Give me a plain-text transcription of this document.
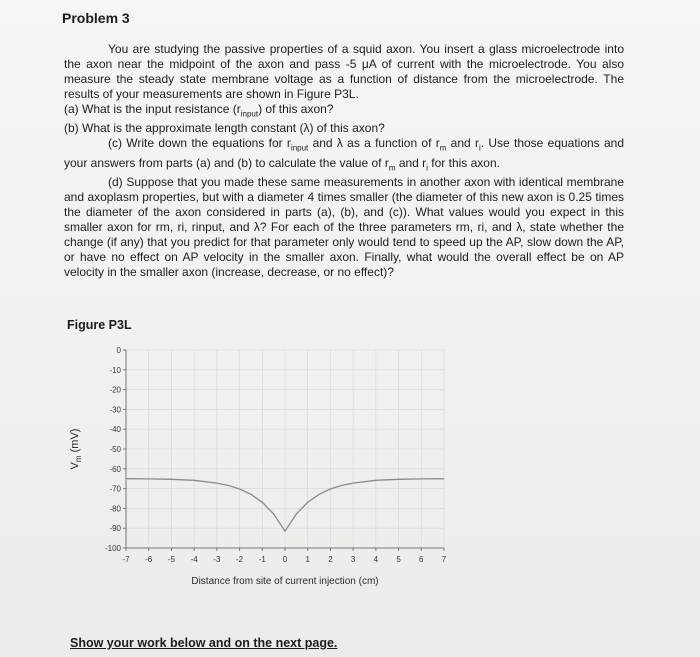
Problem 3

You are studying the passive properties of a squid axon. You insert a glass microelectrode into the axon near the midpoint of the axon and pass -5 μA of current with the microelectrode. You also measure the steady state membrane voltage as a function of distance from the microelectrode. The results of your measurements are shown in Figure P3L.

(a) What is the input resistance $(r_{input})$ of this axon?

(b) What is the approximate length constant (λ) of this axon?

(c) Write down the equations for $r_{input}$ and λ as a function of $r_m$ and $r_i$. Use those equations and your answers from parts (a) and (b) to calculate the value of $r_m$ and $r_i$ for this axon.

(d) Suppose that you made these same measurements in another axon with identical membrane and axoplasm properties, but with a diameter 4 times smaller (the diameter of this new axon is 0.25 times the diameter of the axon considered in parts (a), (b), and (c)). What values would you expect in this smaller axon for rm, ri, rinput, and λ? For each of the three parameters rm, ri, and λ, state whether the change (if any) that you predict for that parameter only would tend to speed up the AP, slow down the AP, or have no effect on AP velocity in the smaller axon. Finally, what would the overall effect be on AP velocity in the smaller axon (increase, decrease, or no effect)?

Figure P3L
0
-10
-20
-30
-40
-50
-60
-70
-80
-90
-100
-7 -6 -5 -4 -3 -2 -1 0 1 2 3 4 5 6 7
$V_m$ (mV)
Distance from site of current injection (cm)
Show your work below and on the next page.
